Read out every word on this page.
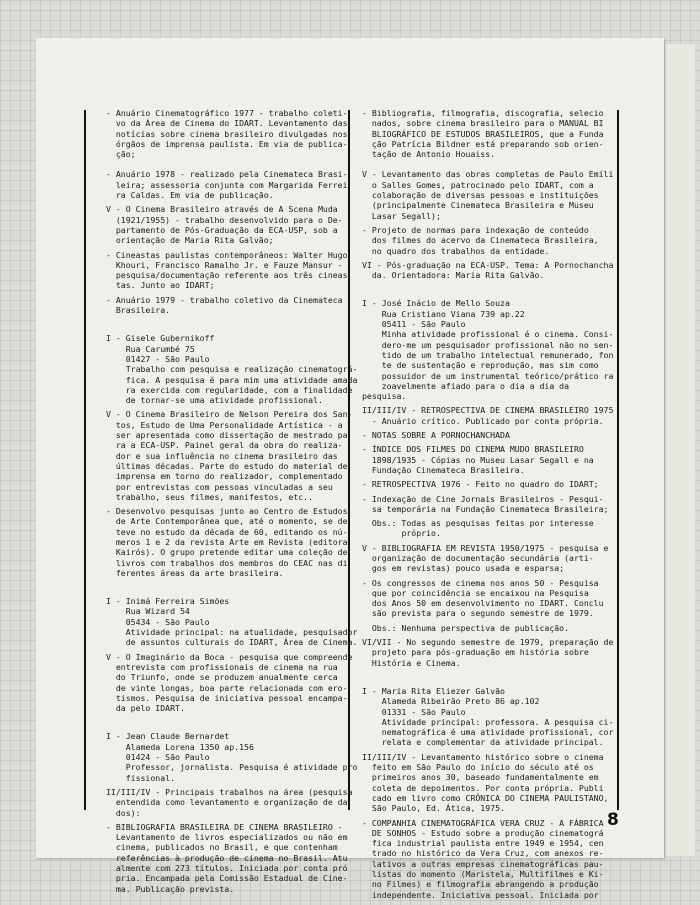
- Anuário Cinematográfico 1977 - trabalho coleti-
vo da Área de Cinema do IDART. Levantamento das
notícias sobre cinema brasileiro divulgadas nos
órgãos de imprensa paulista. Em via de publica-
ção;

- Anuário 1978 - realizado pela Cinemateca Brasi-
leira; assessoria conjunta com Margarida Ferrei
ra Caldas. Em via de publicação.

V - O Cinema Brasileiro através de A Scena Muda
(1921/1955) - trabalho desenvolvido para o De-
partamento de Pós-Graduação da ECA-USP, sob a
orientação de Maria Rita Galvão;

- Cineastas paulistas contemporâneos: Walter Hugo
Khouri, Francisco Ramalho Jr. e Fauze Mansur -
pesquisa/documentação referente aos três cineas
tas. Junto ao IDART;

- Anuário 1979 - trabalho coletivo da Cinemateca
Brasileira.

I - Gisele Gubernikoff
Rua Carumbé 75
01427 - São Paulo
Trabalho com pesquisa e realização cinematográ-
fica. A pesquisa é para mim uma atividade amada
ra exercida com regularidade, com a finalidade
de tornar-se uma atividade profissional.

V - O Cinema Brasileiro de Nelson Pereira dos San-
tos, Estudo de Uma Personalidade Artística - a
ser apresentada como dissertação de mestrado pa
ra a ECA-USP. Painel geral da obra do realiza-
dor e sua influência no cinema brasileiro das
últimas décadas. Parte do estudo do material de
imprensa em torno do realizador, complementado
por entrevistas com pessoas vinculadas a seu
trabalho, seus filmes, manifestos, etc..

- Desenvolvo pesquisas junto ao Centro de Estudos
de Arte Contemporânea que, até o momento, se de
teve no estudo da década de 60, editando os nú-
meros 1 e 2 da revista Arte em Revista (editora
Kairós). O grupo pretende editar uma coleção de
livros com trabalhos dos membros do CEAC nas di
ferentes áreas da arte brasileira.

I - Inimá Ferreira Simões
Rua Wizard 54
05434 - São Paulo
Atividade principal: na atualidade, pesquisador
de assuntos culturais do IDART, Área de Cinema.

V - O Imaginário da Boca - pesquisa que compreende
entrevista com profissionais de cinema na rua
do Triunfo, onde se produzem anualmente cerca
de vinte longas, boa parte relacionada com ero-
tismos. Pesquisa de iniciativa pessoal encampa-
da pelo IDART.

I - Jean Claude Bernardet
Alameda Lorena 1350 ap.156
01424 - São Paulo
Professor, jornalista. Pesquisa é atividade pro
fissional.

II/III/IV - Principais trabalhos na área (pesquisa
entendida como levantamento e organização de da
dos):

- BIBLIOGRAFIA BRASILEIRA DE CINEMA BRASILEIRO -
Levantamento de livros especializados ou não em
cinema, publicados no Brasil, e que contenham
referências à produção de cinema no Brasil. Atu
almente com 273 títulos. Iniciada por conta pró
pria. Encampada pela Comissão Estadual de Cine-
ma. Publicação prevista.

- Bibliografia, filmografia, discografia, selecio
nados, sobre cinema brasileiro para o MANUAL BI
BLIOGRÁFICO DE ESTUDOS BRASILEIROS, que a Funda
ção Patrícia Bildner está preparando sob orien-
tação de Antonio Houaiss.

V - Levantamento das obras completas de Paulo Emíli
o Salles Gomes, patrocinado pelo IDART, com a
colaboração de diversas pessoas e instituições
(principalmente Cinemateca Brasileira e Museu
Lasar Segall);

- Projeto de normas para indexação de conteúdo
dos filmes do acervo da Cinemateca Brasileira,
no quadro dos trabalhos da entidade.

VI - Pós-graduação na ECA-USP. Tema: A Pornochancha
da. Orientadora: Maria Rita Galvão.

I - José Inácio de Mello Souza
Rua Cristiano Viana 739 ap.22
05411 - São Paulo
Minha atividade profissional é o cinema. Consi-
dero-me um pesquisador profissional não no sen-
tido de um trabalho intelectual remunerado, fon
te de sustentação e reprodução, mas sim como
possuidor de um instrumental teórico/prático ra
zoavelmente afiado para o dia a dia da pesquisa.

II/III/IV - RETROSPECTIVA DE CINEMA BRASILEIRO 1975
- Anuário crítico. Publicado por conta própria.

- NOTAS SOBRE A PORNOCHANCHADA

- ÍNDICE DOS FILMES DO CINEMA MUDO BRASILEIRO
1898/1935 - Cópias no Museu Lasar Segall e na
Fundação Cinemateca Brasileira.

- RETROSPECTIVA 1976 - Feito no quadro do IDART;

- Indexação de Cine Jornais Brasileiros - Pesqui-
sa temporária na Fundação Cinemateca Brasileira;

Obs.: Todas as pesquisas feitas por interesse
próprio.

V - BIBLIOGRAFIA EM REVISTA 1950/1975 - pesquisa e
organização de documentação secundária (arti-
gos em revistas) pouco usada e esparsa;

- Os congressos de cinema nos anos 50 - Pesquisa
que por coincidência se encaixou na Pesquisa
dos Anos 50 em desenvolvimento no IDART. Conclu
são prevista para o segundo semestre de 1979.

Obs.: Nenhuma perspectiva de publicação.

VI/VII - No segundo semestre de 1979, preparação de
projeto para pós-graduação em história sobre
História e Cinema.

I - Maria Rita Eliezer Galvão
Alameda Ribeirão Preto 86 ap.102
01331 - São Paulo
Atividade principal: professora. A pesquisa ci-
nematográfica é uma atividade profissional, cor
relata e complementar da atividade principal.

II/III/IV - Levantamento histórico sobre o cinema
feito em São Paulo do início do século até os
primeiros anos 30, baseado fundamentalmente em
coleta de depoimentos. Por conta própria. Publi
cado em livro como CRÔNICA DO CINEMA PAULISTANO,
São Paulo, Ed. Ática, 1975.

- COMPANHIA CINEMATOGRÁFICA VERA CRUZ - A FÁBRICA
DE SONHOS - Estudo sobre a produção cinematográ
fica industrial paulista entre 1949 e 1954, cen
trado no histórico da Vera Cruz, com anexos re-
lativos a outras empresas cinematográficas pau-
listas do momento (Maristela, Multifilmes e Ki-
no Filmes) e filmografia abrangendo a produção
independente. Iniciativa pessoal. Iniciada por

8
